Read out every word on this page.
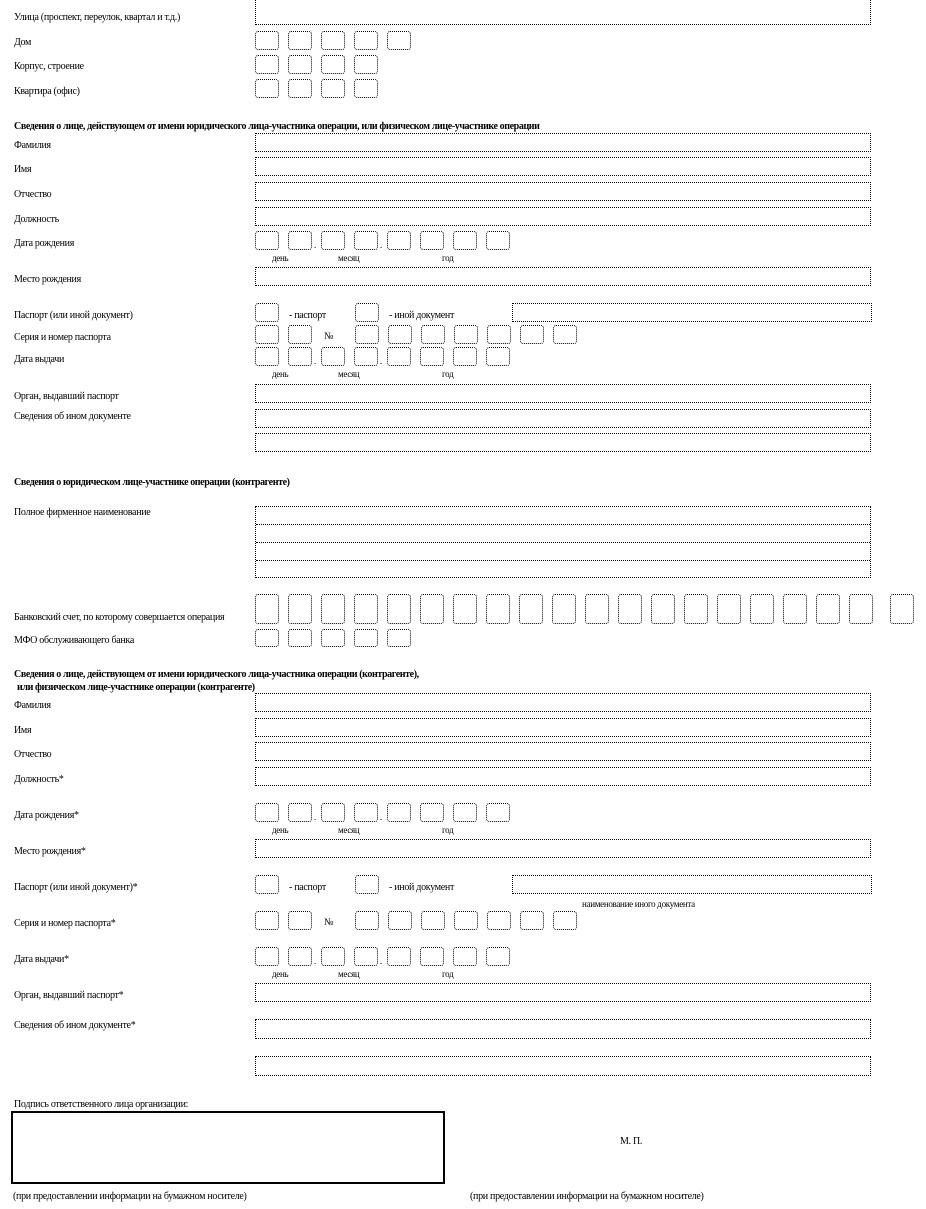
Улица (проспект, переулок, квартал и т.д.)
Дом
Корпус, строение
Квартира (офис)
Сведения о лице, действующем от имени юридического лица-участника операции, или физическом лице-участнике операции
Фамилия
Имя
Отчество
Должность
Дата рождения
день	месяц	год
Место рождения
Паспорт (или иной документ)	- паспорт	- иной документ
Серия и номер паспорта	№
Дата выдачи
день	месяц	год
Орган, выдавший паспорт
Сведения об ином документе
Сведения о юридическом лице-участнике операции (контрагенте)
Полное фирменное наименование
Банковский счет, по которому совершается операция
МФО обслуживающего банка
Сведения о лице, действующем от имени юридического лица-участника операции (контрагенте),
или физическом лице-участнике операции (контрагенте)
Фамилия
Имя
Отчество
Должность*
Дата рождения*
день	месяц	год
Место рождения*
Паспорт (или иной документ)*	- паспорт	- иной документ
наименование иного документа
Серия и номер паспорта*	№
Дата выдачи*
день	месяц	год
Орган, выдавший паспорт*
Сведения об ином документе*
Подпись ответственного лица организации:
М. П.
(при предоставлении информации на бумажном носителе)	(при предоставлении информации на бумажном носителе)
.	.
.	.
.	.
.	.
